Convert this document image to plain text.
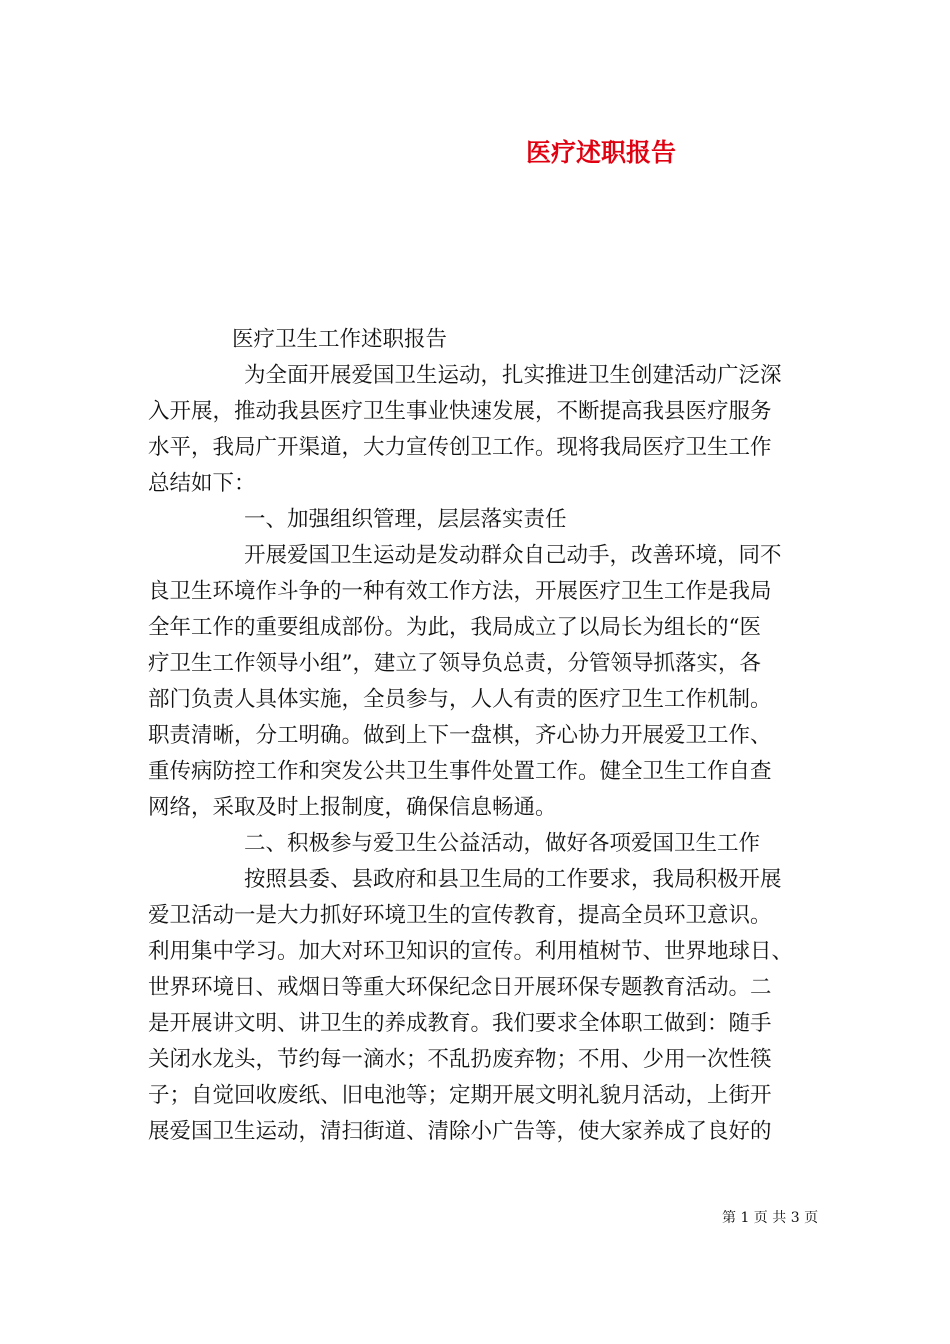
医疗述职报告
医疗卫生工作述职报告
为全面开展爱国卫生运动，扎实推进卫生创建活动广泛深
入开展，推动我县医疗卫生事业快速发展，不断提高我县医疗服务
水平，我局广开渠道，大力宣传创卫工作。现将我局医疗卫生工作
总结如下：
一、加强组织管理，层层落实责任
开展爱国卫生运动是发动群众自己动手，改善环境，同不
良卫生环境作斗争的一种有效工作方法，开展医疗卫生工作是我局
全年工作的重要组成部份。为此，我局成立了以局长为组长的“医
疗卫生工作领导小组”，建立了领导负总责，分管领导抓落实，各
部门负责人具体实施，全员参与，人人有责的医疗卫生工作机制。
职责清晰，分工明确。做到上下一盘棋，齐心协力开展爱卫工作、
重传病防控工作和突发公共卫生事件处置工作。健全卫生工作自查
网络，采取及时上报制度，确保信息畅通。
二、积极参与爱卫生公益活动，做好各项爱国卫生工作
按照县委、县政府和县卫生局的工作要求，我局积极开展
爱卫活动一是大力抓好环境卫生的宣传教育，提高全员环卫意识。
利用集中学习。加大对环卫知识的宣传。利用植树节、世界地球日、
世界环境日、戒烟日等重大环保纪念日开展环保专题教育活动。二
是开展讲文明、讲卫生的养成教育。我们要求全体职工做到：随手
关闭水龙头，节约每一滴水；不乱扔废弃物；不用、少用一次性筷
子；自觉回收废纸、旧电池等；定期开展文明礼貌月活动，上街开
展爱国卫生运动，清扫街道、清除小广告等，使大家养成了良好的
第 1 页 共 3 页
